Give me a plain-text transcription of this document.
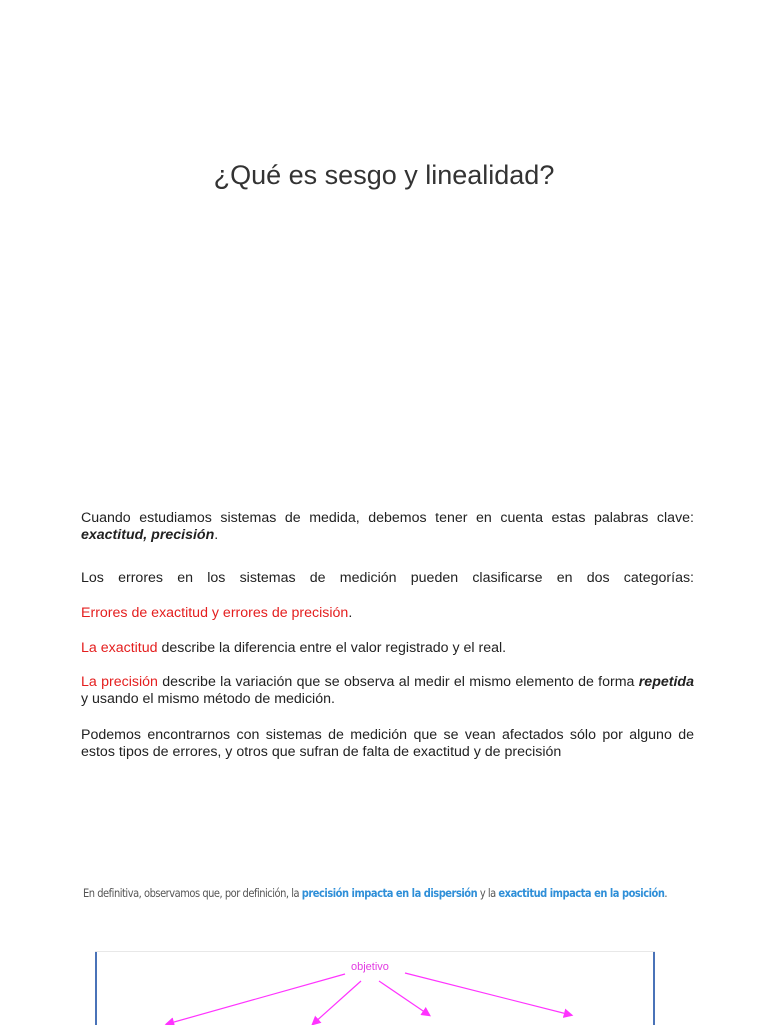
¿Qué es sesgo y linealidad?
Cuando estudiamos sistemas de medida, debemos tener en cuenta estas palabras clave: exactitud, precisión.
Los errores en los sistemas de medición pueden clasificarse en dos categorías:
Errores de exactitud y errores de precisión.
La exactitud describe la diferencia entre el valor registrado y el real.
La precisión describe la variación que se observa al medir el mismo elemento de forma repetida y usando el mismo método de medición.
Podemos encontrarnos con sistemas de medición que se vean afectados sólo por alguno de estos tipos de errores, y otros que sufran de falta de exactitud y de precisión
En definitiva, observamos que, por definición, la precisión impacta en la dispersión y la exactitud impacta en la posición.
objetivo
